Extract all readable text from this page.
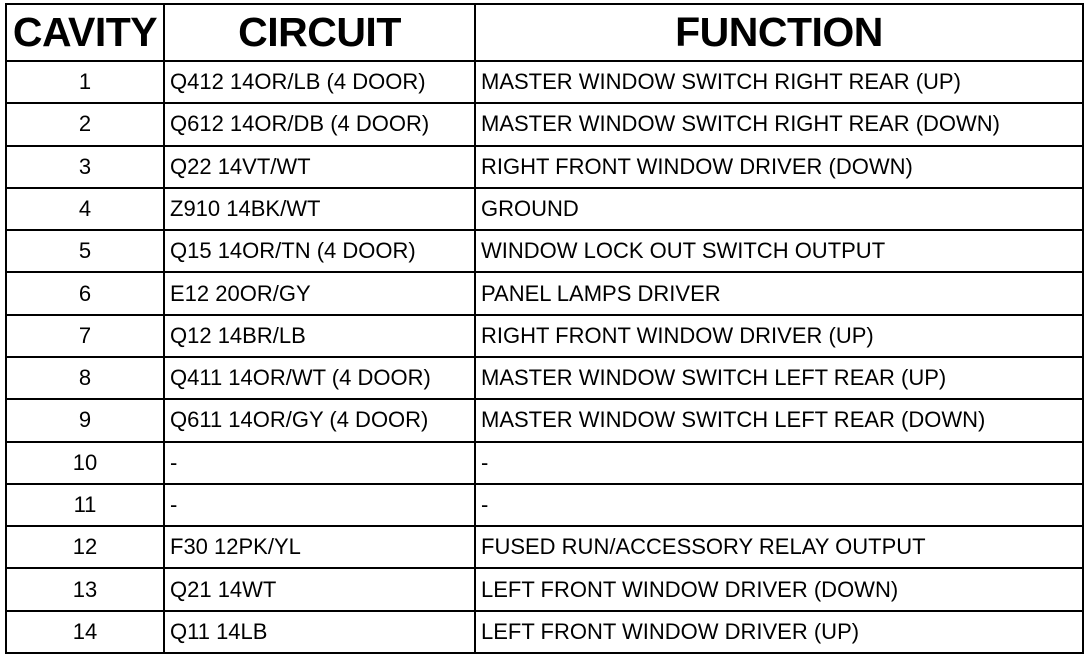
CAVITY	CIRCUIT	FUNCTION
1	Q412 14OR/LB (4 DOOR)	MASTER WINDOW SWITCH RIGHT REAR (UP)
2	Q612 14OR/DB (4 DOOR)	MASTER WINDOW SWITCH RIGHT REAR (DOWN)
3	Q22 14VT/WT	RIGHT FRONT WINDOW DRIVER (DOWN)
4	Z910 14BK/WT	GROUND
5	Q15 14OR/TN (4 DOOR)	WINDOW LOCK OUT SWITCH OUTPUT
6	E12 20OR/GY	PANEL LAMPS DRIVER
7	Q12 14BR/LB	RIGHT FRONT WINDOW DRIVER (UP)
8	Q411 14OR/WT (4 DOOR)	MASTER WINDOW SWITCH LEFT REAR (UP)
9	Q611 14OR/GY (4 DOOR)	MASTER WINDOW SWITCH LEFT REAR (DOWN)
10	-	-
11	-	-
12	F30 12PK/YL	FUSED RUN/ACCESSORY RELAY OUTPUT
13	Q21 14WT	LEFT FRONT WINDOW DRIVER (DOWN)
14	Q11 14LB	LEFT FRONT WINDOW DRIVER (UP)
